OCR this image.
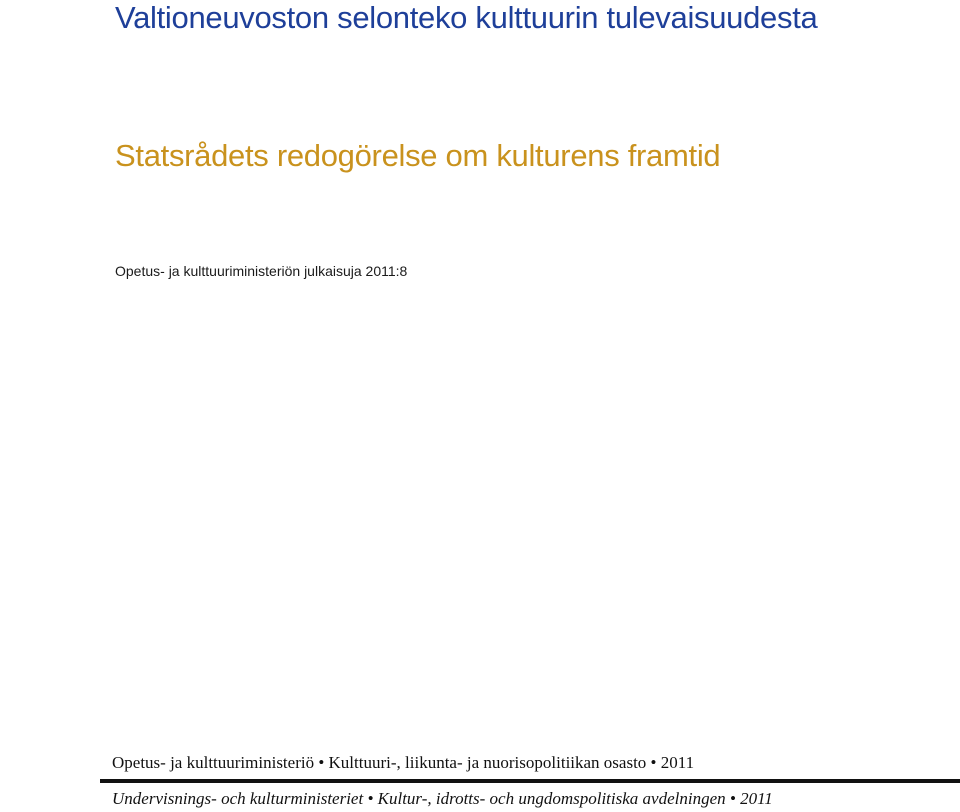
Valtioneuvoston selonteko kulttuurin tulevaisuudesta
Statsrådets redogörelse om kulturens framtid
Opetus- ja kulttuuriministeriön julkaisuja 2011:8
Opetus- ja kulttuuriministeriö • Kulttuuri-, liikunta- ja nuorisopolitiikan osasto • 2011
Undervisnings- och kulturministeriet • Kultur-, idrotts- och ungdomspolitiska avdelningen • 2011
